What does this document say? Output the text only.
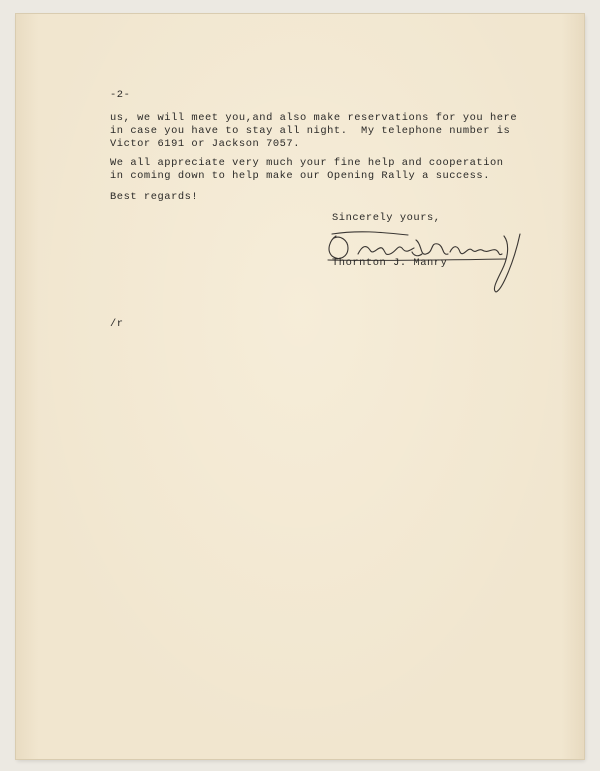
-2-

us, we will meet you,and also make reservations for you here
in case you have to stay all night.  My telephone number is
Victor 6191 or Jackson 7057.
We all appreciate very much your fine help and cooperation
in coming down to help make our Opening Rally a success.

Best regards!

Sincerely yours,

Thornton J. Manry

/r
